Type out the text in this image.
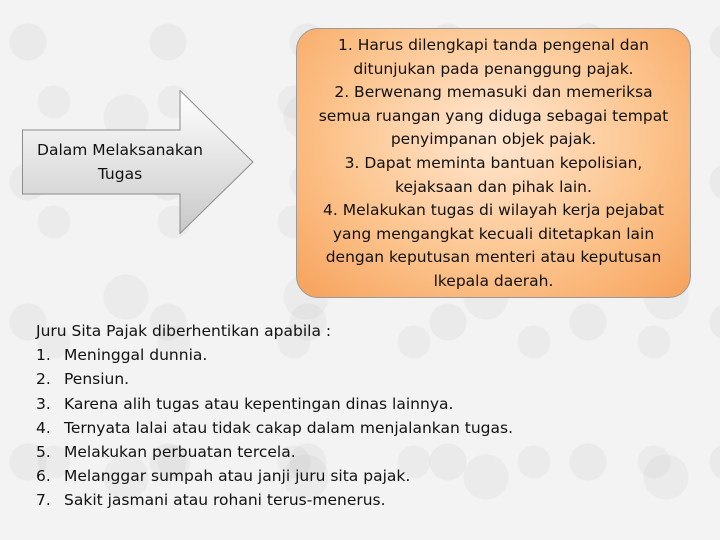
Dalam Melaksanakan Tugas
1. Harus dilengkapi tanda pengenal dan ditunjukan pada penanggung pajak.
2. Berwenang memasuki dan memeriksa semua ruangan yang diduga sebagai tempat penyimpanan objek pajak.
3. Dapat meminta bantuan kepolisian, kejaksaan dan pihak lain.
4. Melakukan tugas di wilayah kerja pejabat yang mengangkat kecuali ditetapkan lain dengan keputusan menteri atau keputusan lkepala daerah.
Juru Sita Pajak diberhentikan apabila :
1. Meninggal dunnia.
2. Pensiun.
3. Karena alih tugas atau kepentingan dinas lainnya.
4. Ternyata lalai atau tidak cakap dalam menjalankan tugas.
5. Melakukan perbuatan tercela.
6. Melanggar sumpah atau janji juru sita pajak.
7. Sakit jasmani atau rohani terus-menerus.
